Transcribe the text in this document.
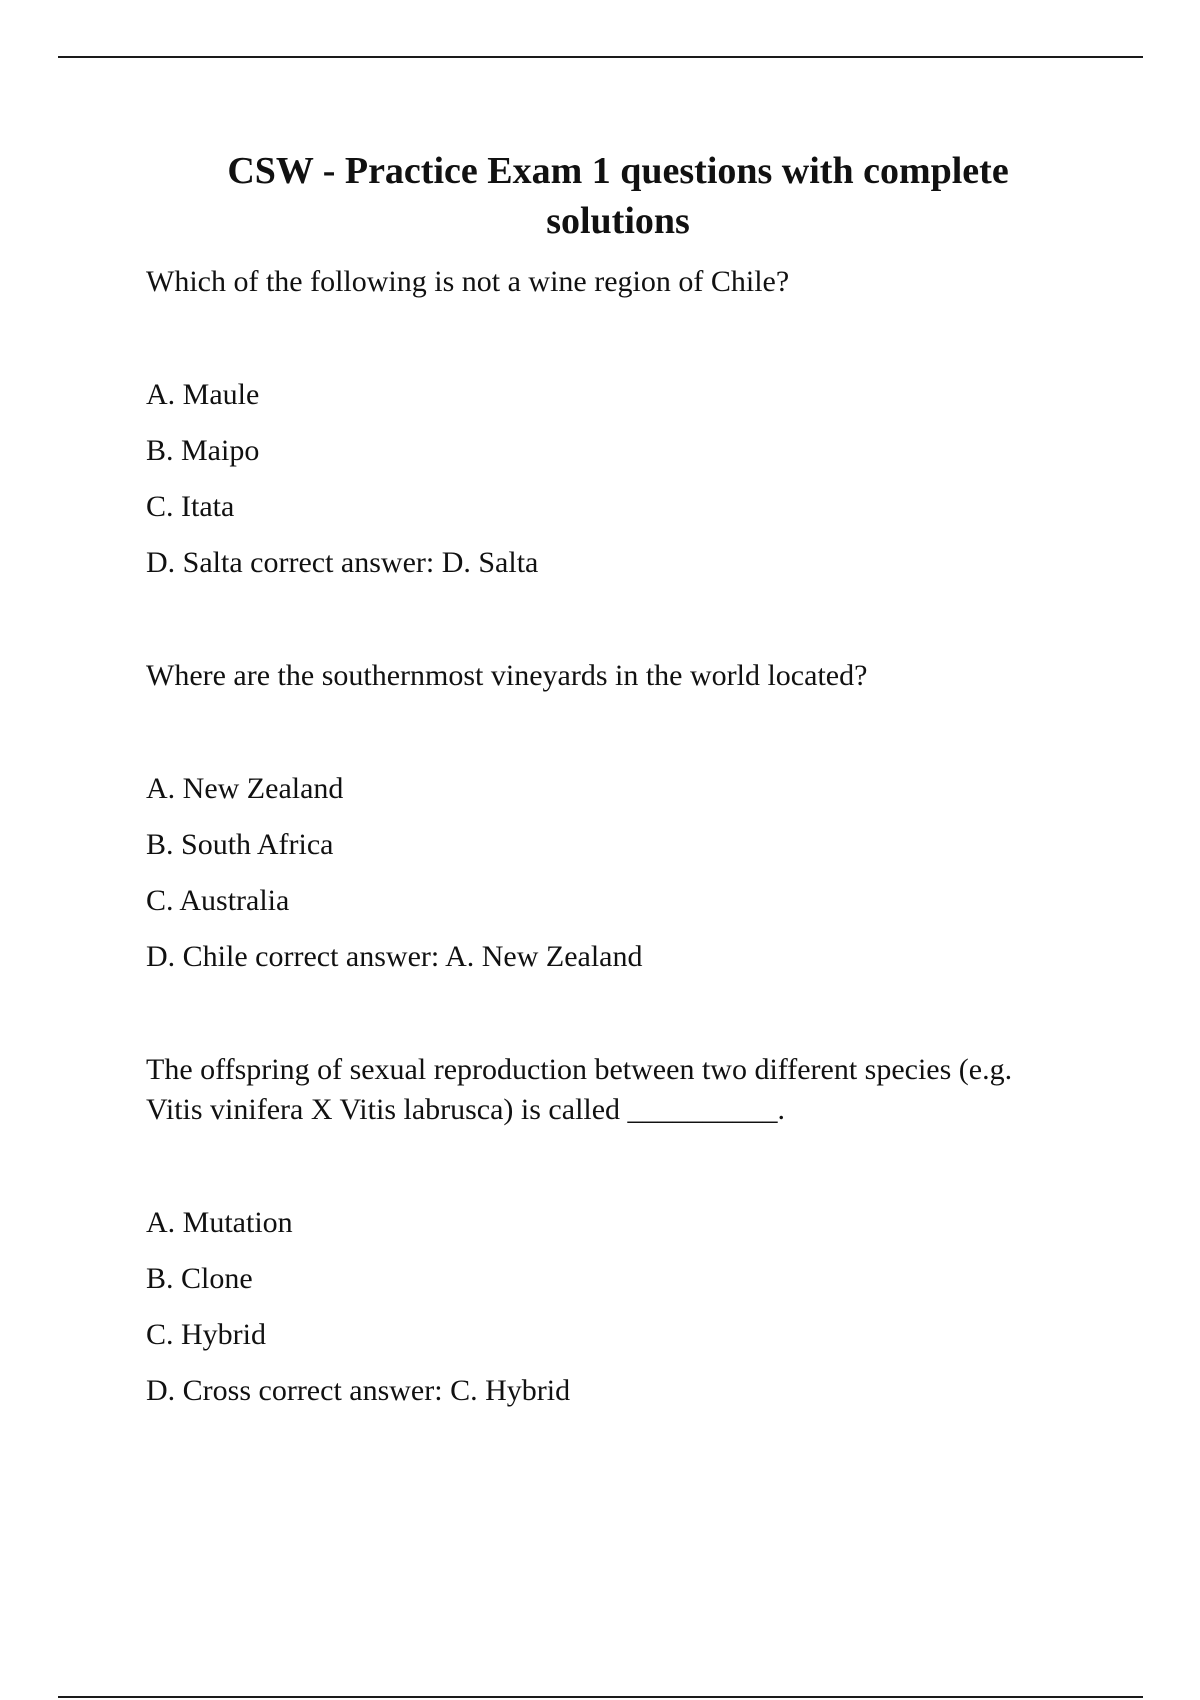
CSW - Practice Exam 1 questions with complete
solutions

Which of the following is not a wine region of Chile?

A. Maule

B. Maipo

C. Itata

D. Salta correct answer: D. Salta

Where are the southernmost vineyards in the world located?

A. New Zealand

B. South Africa

C. Australia

D. Chile correct answer: A. New Zealand

The offspring of sexual reproduction between two different species (e.g.
Vitis vinifera X Vitis labrusca) is called __________.

A. Mutation

B. Clone

C. Hybrid

D. Cross correct answer: C. Hybrid
